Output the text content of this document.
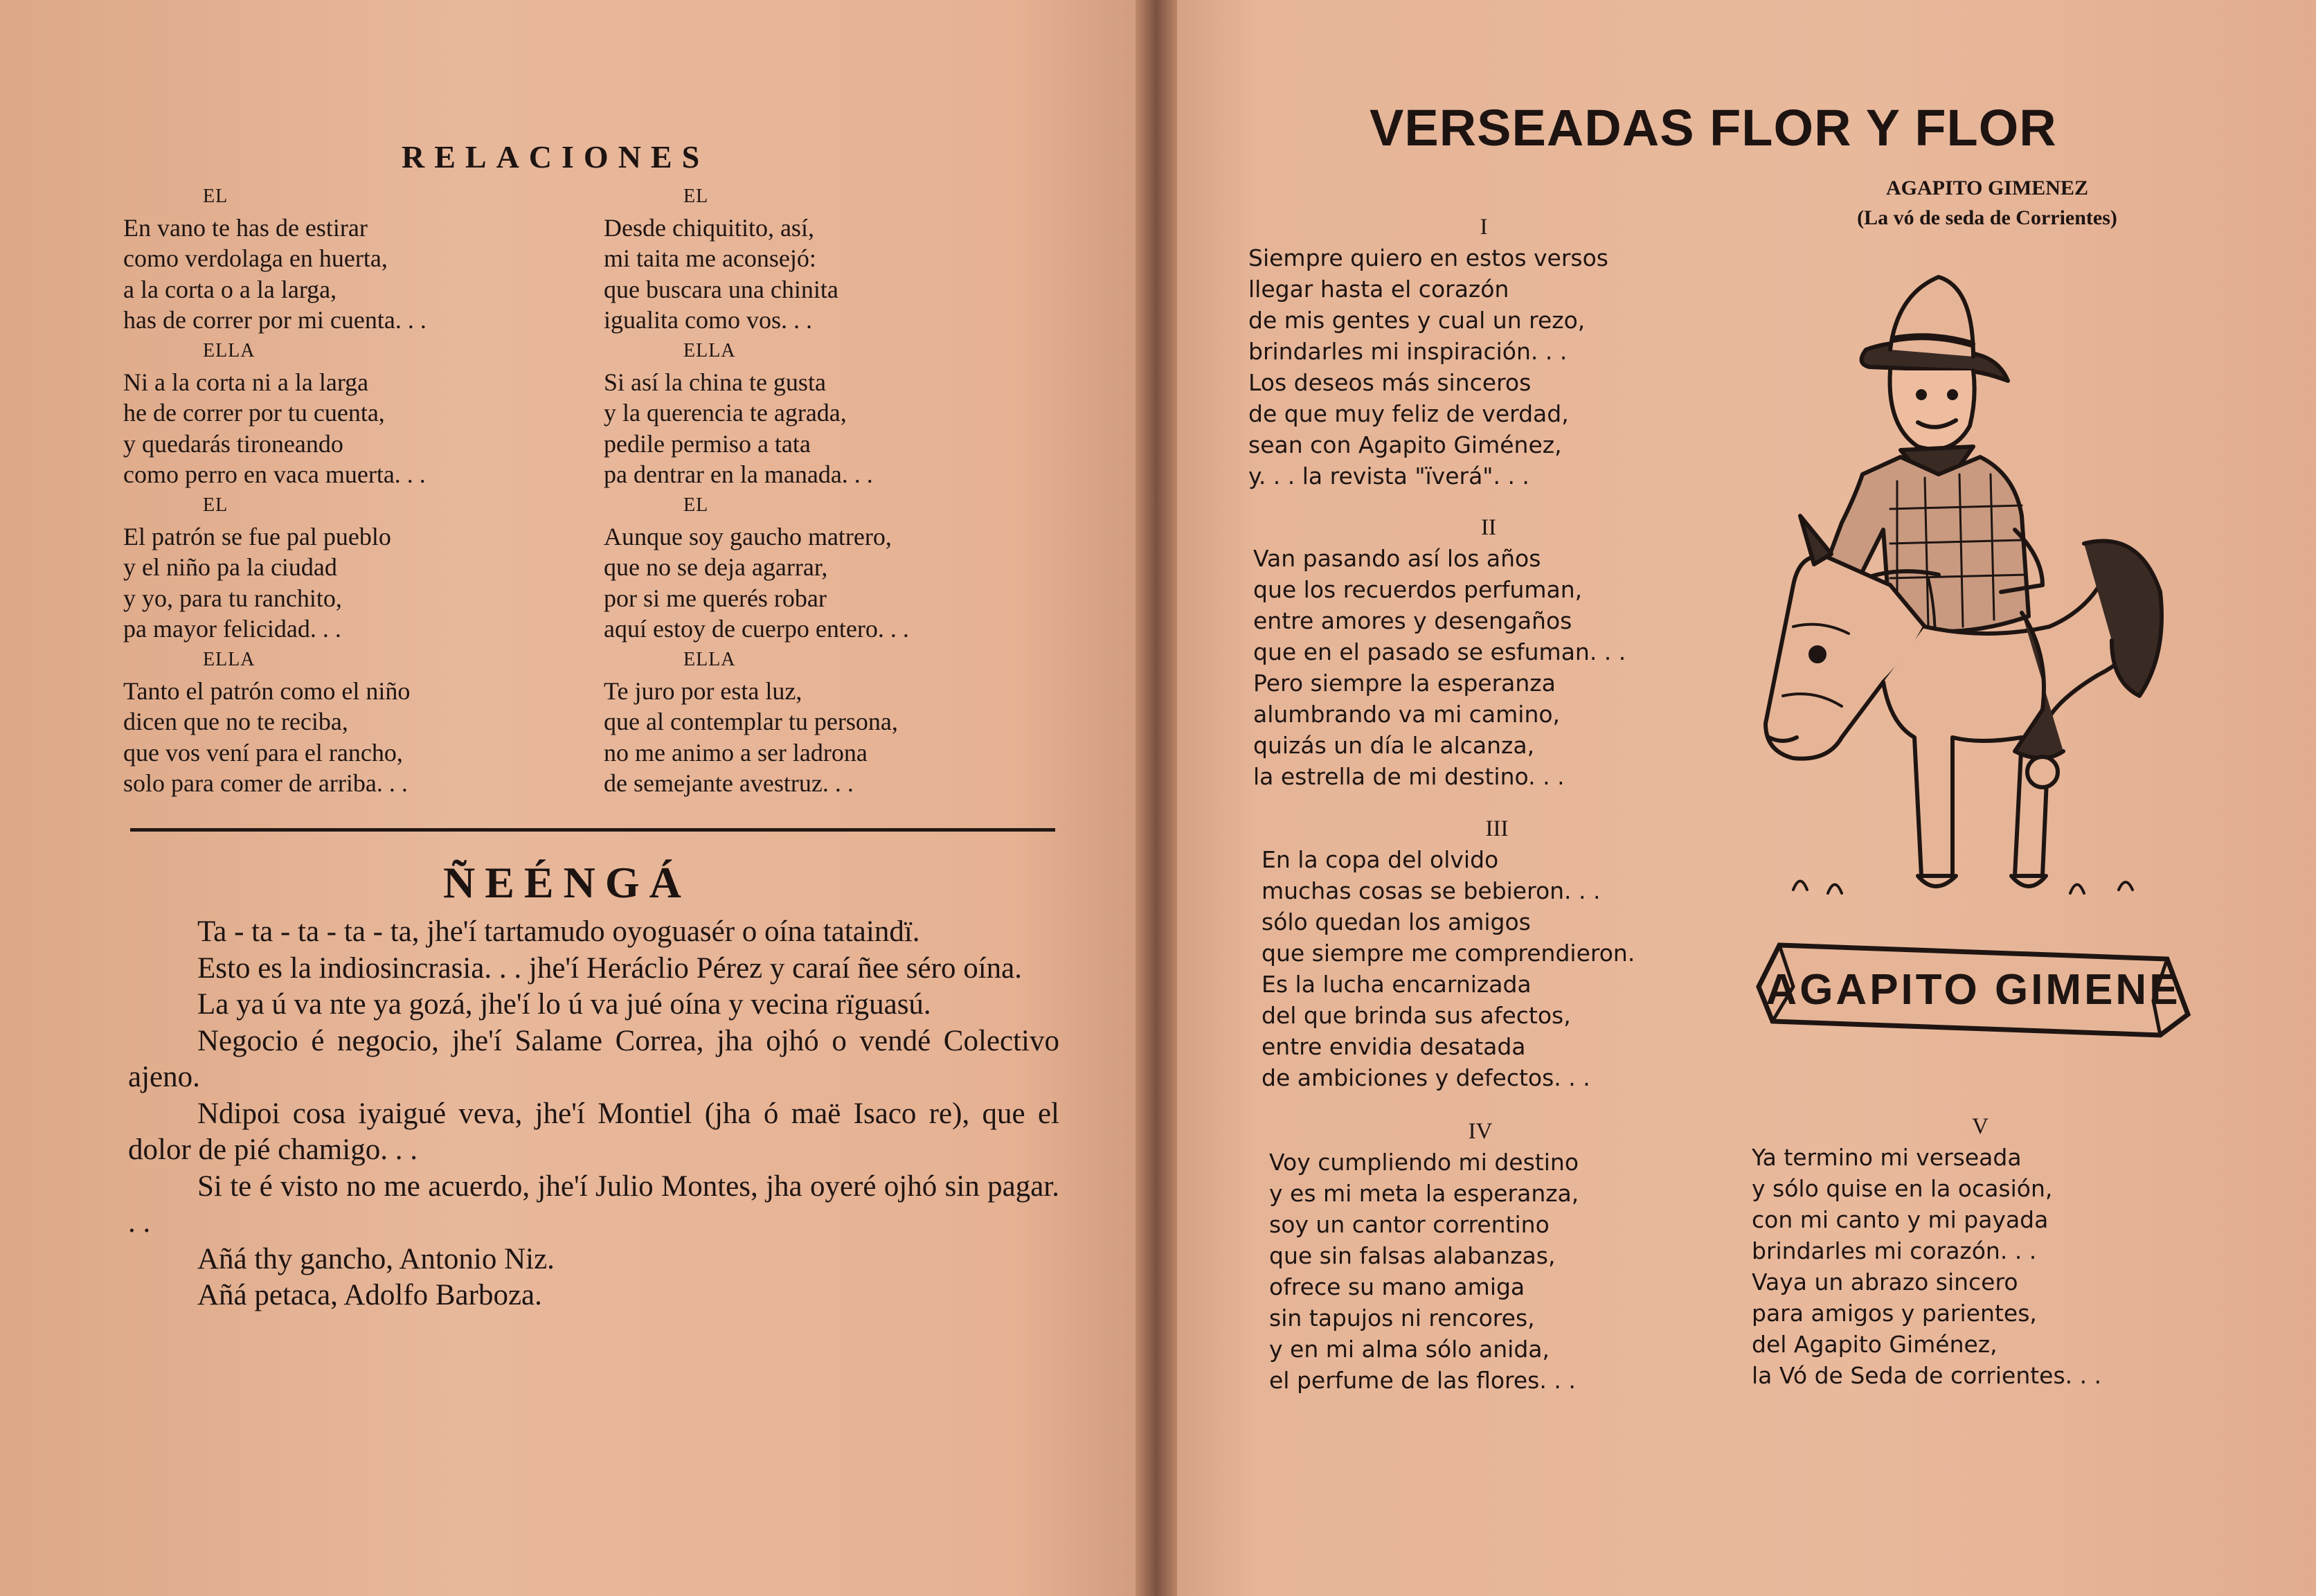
RELACIONES
EL
En vano te has de estirar
como verdolaga en huerta,
a la corta o a la larga,
has de correr por mi cuenta. . .
ELLA
Ni a la corta ni a la larga
he de correr por tu cuenta,
y quedarás tironeando
como perro en vaca muerta. . .
EL
El patrón se fue pal pueblo
y el niño pa la ciudad
y yo, para tu ranchito,
pa mayor felicidad. . .
ELLA
Tanto el patrón como el niño
dicen que no te reciba,
que vos vení para el rancho,
solo para comer de arriba. . .
EL
Desde chiquitito, así,
mi taita me aconsejó:
que buscara una chinita
igualita como vos. . .
ELLA
Si así la china te gusta
y la querencia te agrada,
pedile permiso a tata
pa dentrar en la manada. . .
EL
Aunque soy gaucho matrero,
que no se deja agarrar,
por si me querés robar
aquí estoy de cuerpo entero. . .
ELLA
Te juro por esta luz,
que al contemplar tu persona,
no me animo a ser ladrona
de semejante avestruz. . .
ÑEÉNGÁ

Ta - ta - ta - ta - ta, jhe'í tartamudo oyoguasér o oína tataindï.

Esto es la indiosincrasia. . . jhe'í Heráclio Pérez y caraí ñee séro oína.

La ya ú va nte ya gozá, jhe'í lo ú va jué oína y vecina rïguasú.

Negocio é negocio, jhe'í Salame Correa, jha ojhó o vendé Colectivo ajeno.

Ndipoi cosa iyaigué veva, jhe'í Montiel (jha ó maë Isaco re), que el dolor de pié chamigo. . .

Si te é visto no me acuerdo, jhe'í Julio Montes, jha oyeré ojhó sin pagar. . .

Añá thy gancho, Antonio Niz.

Añá petaca, Adolfo Barboza.

VERSEADAS FLOR Y FLOR
AGAPITO GIMENEZ
(La vó de seda de Corrientes)
I
Siempre quiero en estos versos
llegar hasta el corazón
de mis gentes y cual un rezo,
brindarles mi inspiración. . .
Los deseos más sinceros
de que muy feliz de verdad,
sean con Agapito Giménez,
y. . . la revista "ïverá". . .
II
Van pasando así los años
que los recuerdos perfuman,
entre amores y desengaños
que en el pasado se esfuman. . .
Pero siempre la esperanza
alumbrando va mi camino,
quizás un día le alcanza,
la estrella de mi destino. . .
III
En la copa del olvido
muchas cosas se bebieron. . .
sólo quedan los amigos
que siempre me comprendieron.
Es la lucha encarnizada
del que brinda sus afectos,
entre envidia desatada
de ambiciones y defectos. . .
IV
Voy cumpliendo mi destino
y es mi meta la esperanza,
soy un cantor correntino
que sin falsas alabanzas,
ofrece su mano amiga
sin tapujos ni rencores,
y en mi alma sólo anida,
el perfume de las flores. . .
V
Ya termino mi verseada
y sólo quise en la ocasión,
con mi canto y mi payada
brindarles mi corazón. . .
Vaya un abrazo sincero
para amigos y parientes,
del Agapito Giménez,
la Vó de Seda de corrientes. . .
AGAPITO GIMENE
